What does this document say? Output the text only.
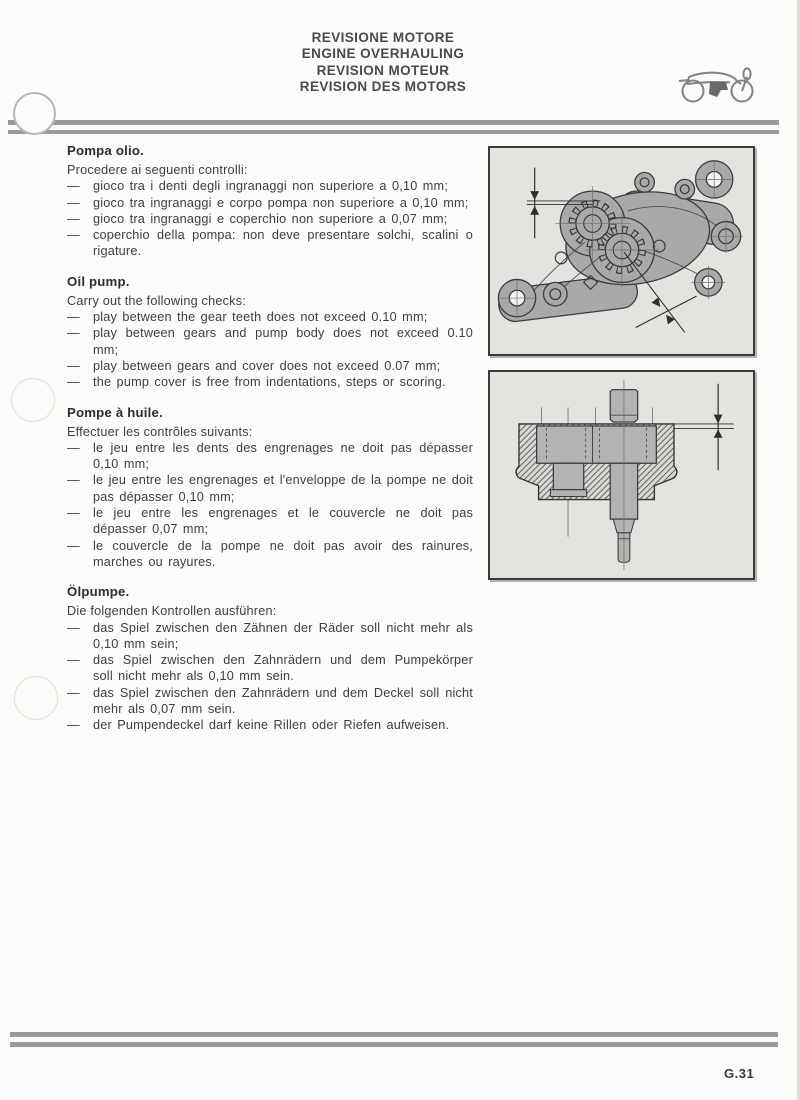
REVISIONE MOTORE
ENGINE OVERHAULING
REVISION MOTEUR
REVISION DES MOTORS
Pompa olio.

Procedere ai seguenti controlli:

—	gioco tra i denti degli ingranaggi non superiore a 0,10 mm;
—	gioco tra ingranaggi e corpo pompa non superiore a 0,10 mm;
—	gioco tra ingranaggi e coperchio non superiore a 0,07 mm;
—	coperchio della pompa: non deve presentare solchi, scalini o rigature.
Oil pump.

Carry out the following checks:

—	play between the gear teeth does not exceed 0.10 mm;
—	play between gears and pump body does not exceed 0.10 mm;
—	play between gears and cover does not exceed 0.07 mm;
—	the pump cover is free from indentations, steps or scoring.
Pompe à huile.

Effectuer les contrôles suivants:

—	le jeu entre les dents des engrenages ne doit pas dépasser 0,10 mm;
—	le jeu entre les engrenages et l'enveloppe de la pompe ne doit pas dépasser 0,10 mm;
—	le jeu entre les engrenages et le couvercle ne doit pas dépasser 0,07 mm;
—	le couvercle de la pompe ne doit pas avoir des rainures, marches ou rayures.
Ölpumpe.

Die folgenden Kontrollen ausführen:

—	das Spiel zwischen den Zähnen der Räder soll nicht mehr als 0,10 mm sein;
—	das Spiel zwischen den Zahnrädern und dem Pumpekörper soll nicht mehr als 0,10 mm sein.
—	das Spiel zwischen den Zahnrädern und dem Deckel soll nicht mehr als 0,07 mm sein.
—	der Pumpendeckel darf keine Rillen oder Riefen aufweisen.
G.31
